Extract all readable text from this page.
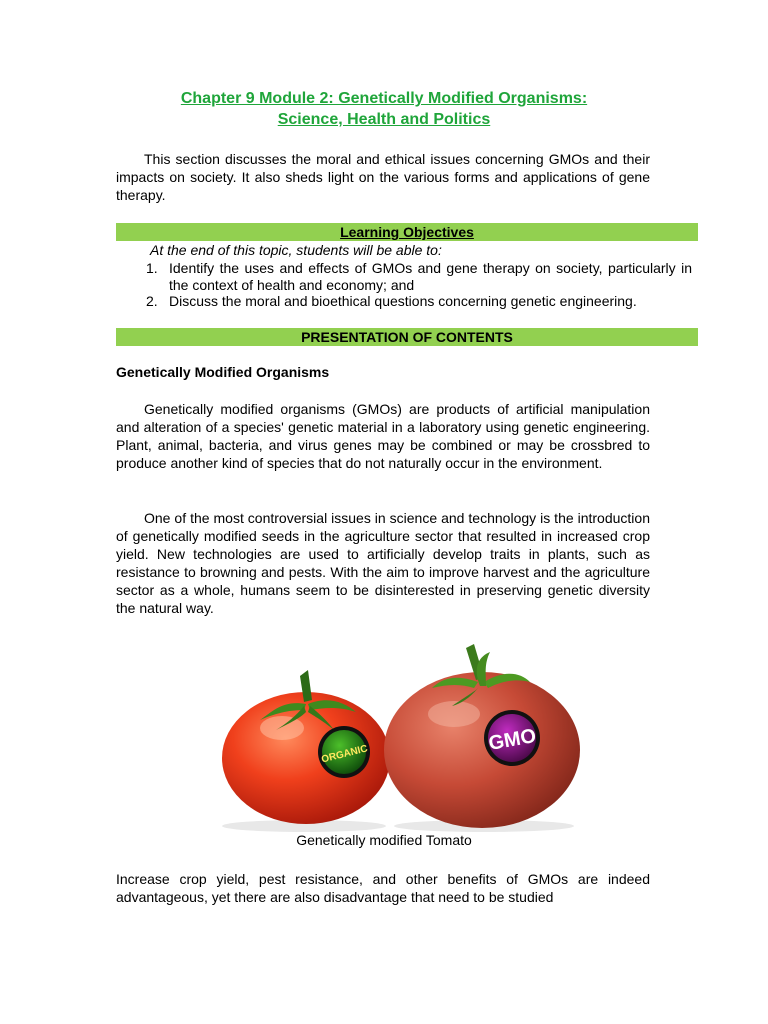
Chapter 9 Module 2: Genetically Modified Organisms:
Science, Health and Politics
This section discusses the moral and ethical issues concerning GMOs and their impacts on society. It also sheds light on the various forms and applications of gene therapy.
Learning Objectives
At the end of this topic, students will be able to:
1. Identify the uses and effects of GMOs and gene therapy on society, particularly in the context of health and economy; and
2. Discuss the moral and bioethical questions concerning genetic engineering.
PRESENTATION OF CONTENTS
Genetically Modified Organisms
Genetically modified organisms (GMOs) are products of artificial manipulation and alteration of a species' genetic material in a laboratory using genetic engineering. Plant, animal, bacteria, and virus genes may be combined or may be crossbred to produce another kind of species that do not naturally occur in the environment.
One of the most controversial issues in science and technology is the introduction of genetically modified seeds in the agriculture sector that resulted in increased crop yield. New technologies are used to artificially develop traits in plants, such as resistance to browning and pests. With the aim to improve harvest and the agriculture sector as a whole, humans seem to be disinterested in preserving genetic diversity the natural way.
ORGANIC	GMO
Genetically modified Tomato
Increase crop yield, pest resistance, and other benefits of GMOs are indeed advantageous, yet there are also disadvantage that need to be studied
